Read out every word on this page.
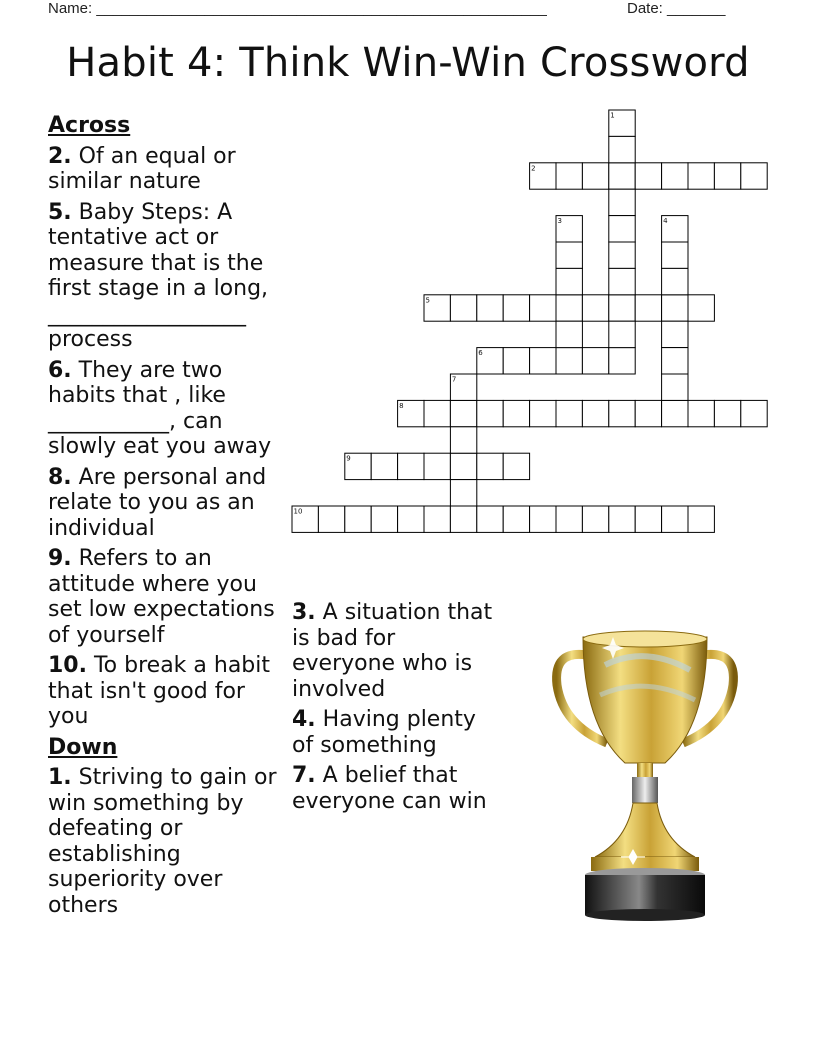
Name: ______________________________________________________	Date: _______
Habit 4: Think Win-Win Crossword
Across
2. Of an equal or similar nature
5. Baby Steps: A tentative act or measure that is the first stage in a long, __________________ process
6. They are two habits that , like ___________, can slowly eat you away
8. Are personal and relate to you as an individual
9. Refers to an attitude where you set low expectations of yourself
10. To break a habit that isn't good for you
Down
1. Striving to gain or win something by defeating or establishing superiority over others
3. A situation that is bad for everyone who is involved
4. Having plenty of something
7. A belief that everyone can win
2
5
6
8
9
10
1
3	4
7
